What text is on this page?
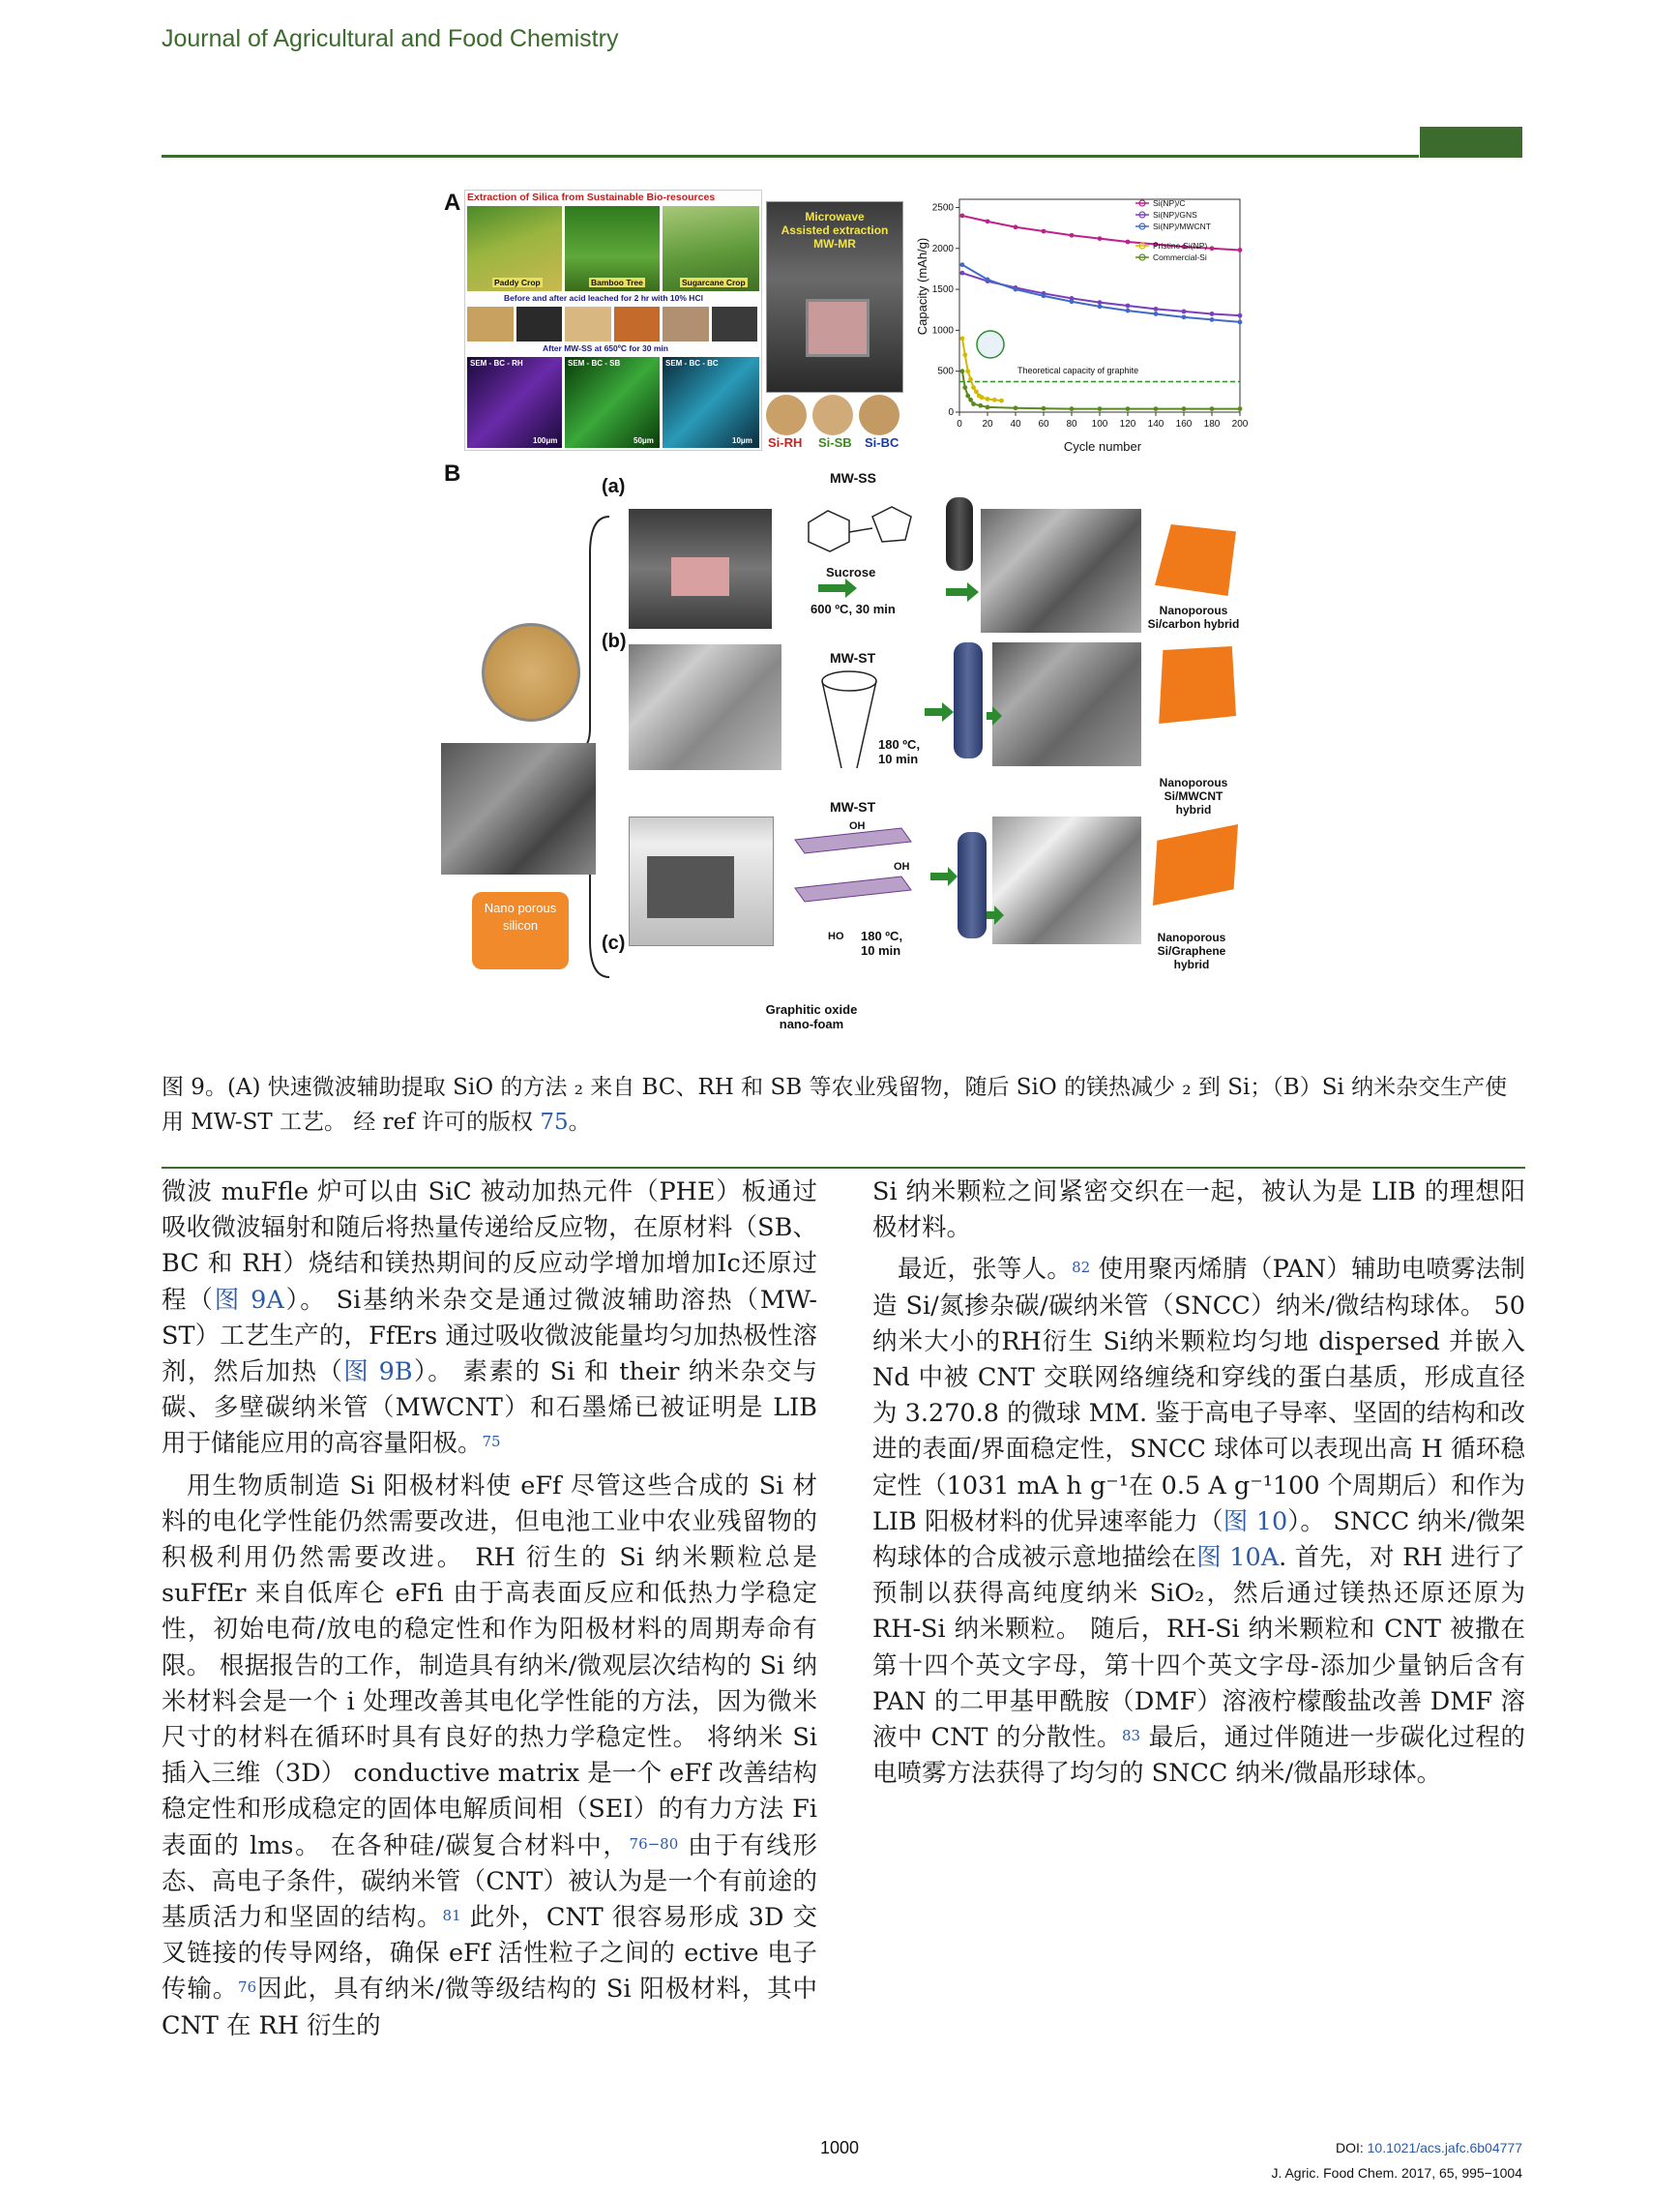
Journal of Agricultural and Food Chemistry
A Extraction of Silica from Sustainable Bio-resources
Paddy Crop	Bamboo Tree	Sugarcane Crop
Before and after acid leached for 2 hr with 10% HCl
After MW-SS at 650ºC for 30 min
SEM - BC - RH	SEM - BC - SB	SEM - BC - BC
100μm	50μm	10μm
Microwave Assisted extraction MW-MR
Si-RH Si-SB Si-BC
Capacity (mAh/g)
Cycle number
Theoretical capacity of graphite
0 20 40 60 80 100 120 140 160 180 200
0
500
1000
1500
2000
2500	Si(NP)/C
Si(NP)/GNS
Si(NP)/MWCNT
Pristine-Si(NP)
Commercial-Si
B	(a)
(b)
(c)
Nano porous silicon
MW-SS
Sucrose
600 ºC, 30 min	Nanoporous Si/carbon hybrid
MW-ST
180 ºC, 10 min
Nanoporous Si/MWCNT hybrid
MW-ST
OH
OH
HO 180 ºC, 10 min
Nanoporous Si/Graphene hybrid
Graphitic oxide nano-foam
图 9。(A) 快速微波辅助提取 SiO 的方法 ₂ 来自 BC、RH 和 SB 等农业残留物，随后 SiO 的镁热减少 ₂ 到 Si；（B）Si 纳米杂交生产使用 MW-ST 工艺。 经 ref 许可的版权 75。

微波 muFfle 炉可以由 SiC 被动加热元件（PHE）板通过吸收微波辐射和随后将热量传递给反应物，在原材料（SB、BC 和 RH）烧结和镁热期间的反应动学增加增加Ic还原过程（图 9A）。 Si基纳米杂交是通过微波辅助溶热（MW-ST）工艺生产的，FfErs 通过吸收微波能量均匀加热极性溶剂，然后加热（图 9B）。 素素的 Si 和 their 纳米杂交与碳、多壁碳纳米管（MWCNT）和石墨烯已被证明是 LIB 用于储能应用的高容量阳极。$^{75}$

用生物质制造 Si 阳极材料使 eFf 尽管这些合成的 Si 材料的电化学性能仍然需要改进，但电池工业中农业残留物的积极利用仍然需要改进。 RH 衍生的 Si 纳米颗粒总是 suFfEr 来自低库仑 eFfi 由于高表面反应和低热力学稳定性，初始电荷/放电的稳定性和作为阳极材料的周期寿命有限。 根据报告的工作，制造具有纳米/微观层次结构的 Si 纳米材料会是一个 i 处理改善其电化学性能的方法，因为微米尺寸的材料在循环时具有良好的热力学稳定性。 将纳米 Si插入三维（3D） conductive matrix 是一个 eFf 改善结构稳定性和形成稳定的固体电解质间相（SEI）的有力方法 Fi 表面的 lms。 在各种硅/碳复合材料中，$^{76-80}$ 由于有线形态、高电子条件，碳纳米管（CNT）被认为是一个有前途的基质活力和坚固的结构。$^{81}$ 此外，CNT 很容易形成 3D 交叉链接的传导网络，确保 eFf 活性粒子之间的 ective 电子传输。$^{76}$因此，具有纳米/微等级结构的 Si 阳极材料，其中 CNT 在 RH 衍生的

Si 纳米颗粒之间紧密交织在一起，被认为是 LIB 的理想阳极材料。

最近，张等人。$^{82}$ 使用聚丙烯腈（PAN）辅助电喷雾法制造 Si/氮掺杂碳/碳纳米管（SNCC）纳米/微结构球体。 50纳米大小的RH衍生 Si纳米颗粒均匀地 dispersed 并嵌入 Nd 中被 CNT 交联网络缠绕和穿线的蛋白基质，形成直径为 3.270.8 的微球 MM. 鉴于高电子导率、坚固的结构和改进的表面/界面稳定性，SNCC 球体可以表现出高 H 循环稳定性（1031 mA h g⁻¹在 0.5 A g⁻¹100 个周期后）和作为 LIB 阳极材料的优异速率能力（图 10）。 SNCC 纳米/微架构球体的合成被示意地描绘在图 10A. 首先，对 RH 进行了预制以获得高纯度纳米 SiO₂，然后通过镁热还原还原为 RH-Si 纳米颗粒。 随后，RH-Si 纳米颗粒和 CNT 被撒在第十四个英文字母，第十四个英文字母-添加少量钠后含有 PAN 的二甲基甲酰胺（DMF）溶液柠檬酸盐改善 DMF 溶液中 CNT 的分散性。$^{83}$ 最后，通过伴随进一步碳化过程的电喷雾方法获得了均匀的 SNCC 纳米/微晶形球体。

1000	DOI: 10.1021/acs.jafc.6b04777
J. Agric. Food Chem. 2017, 65, 995−1004
